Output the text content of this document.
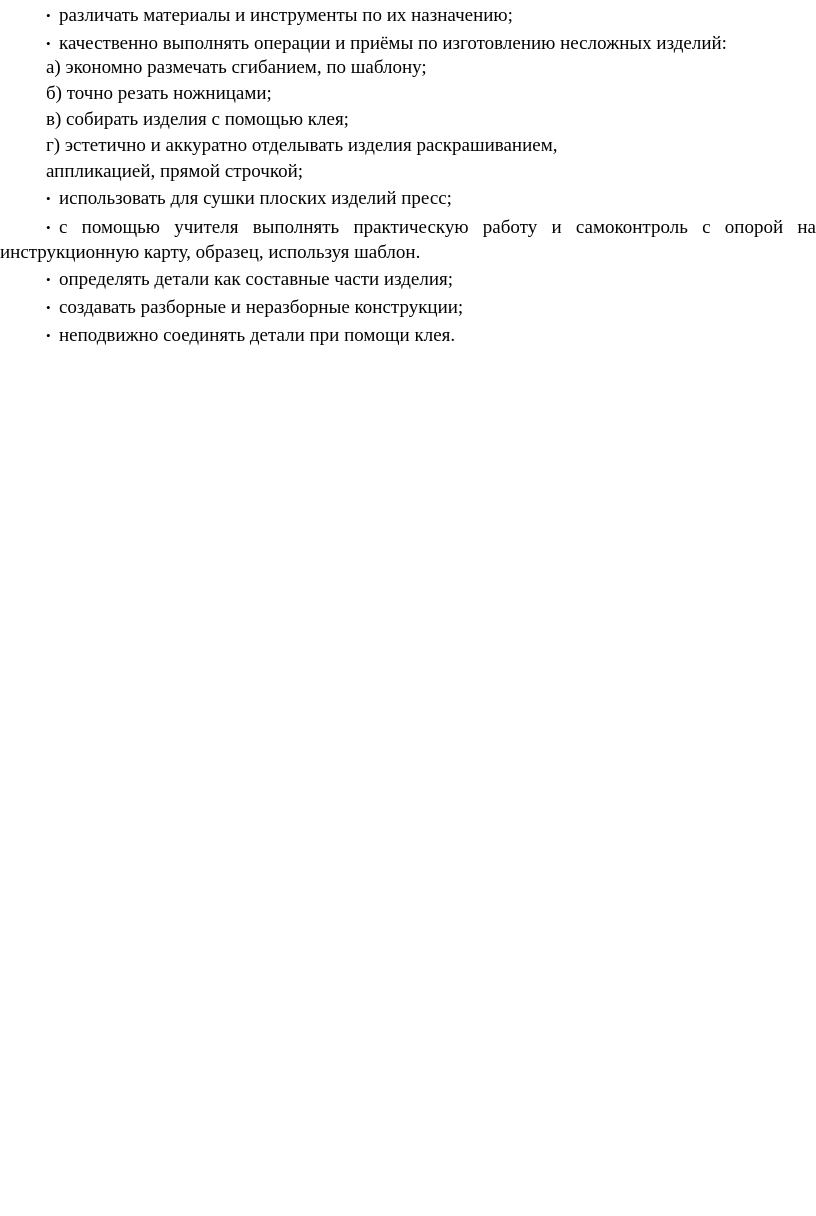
• различать материалы и инструменты по их назначению;
• качественно выполнять операции и приёмы по изготовлению несложных изделий:
а) экономно размечать сгибанием, по шаблону;
б) точно резать ножницами;
в) собирать изделия с помощью клея;
г) эстетично и аккуратно отделывать изделия раскрашиванием,
аппликацией, прямой строчкой;
• использовать для сушки плоских изделий пресс;
• с помощью учителя выполнять практическую работу и самоконтроль с опорой на
инструкционную карту, образец, используя шаблон.
• определять детали как составные части изделия;
• создавать разборные и неразборные конструкции;
• неподвижно соединять детали при помощи клея.
